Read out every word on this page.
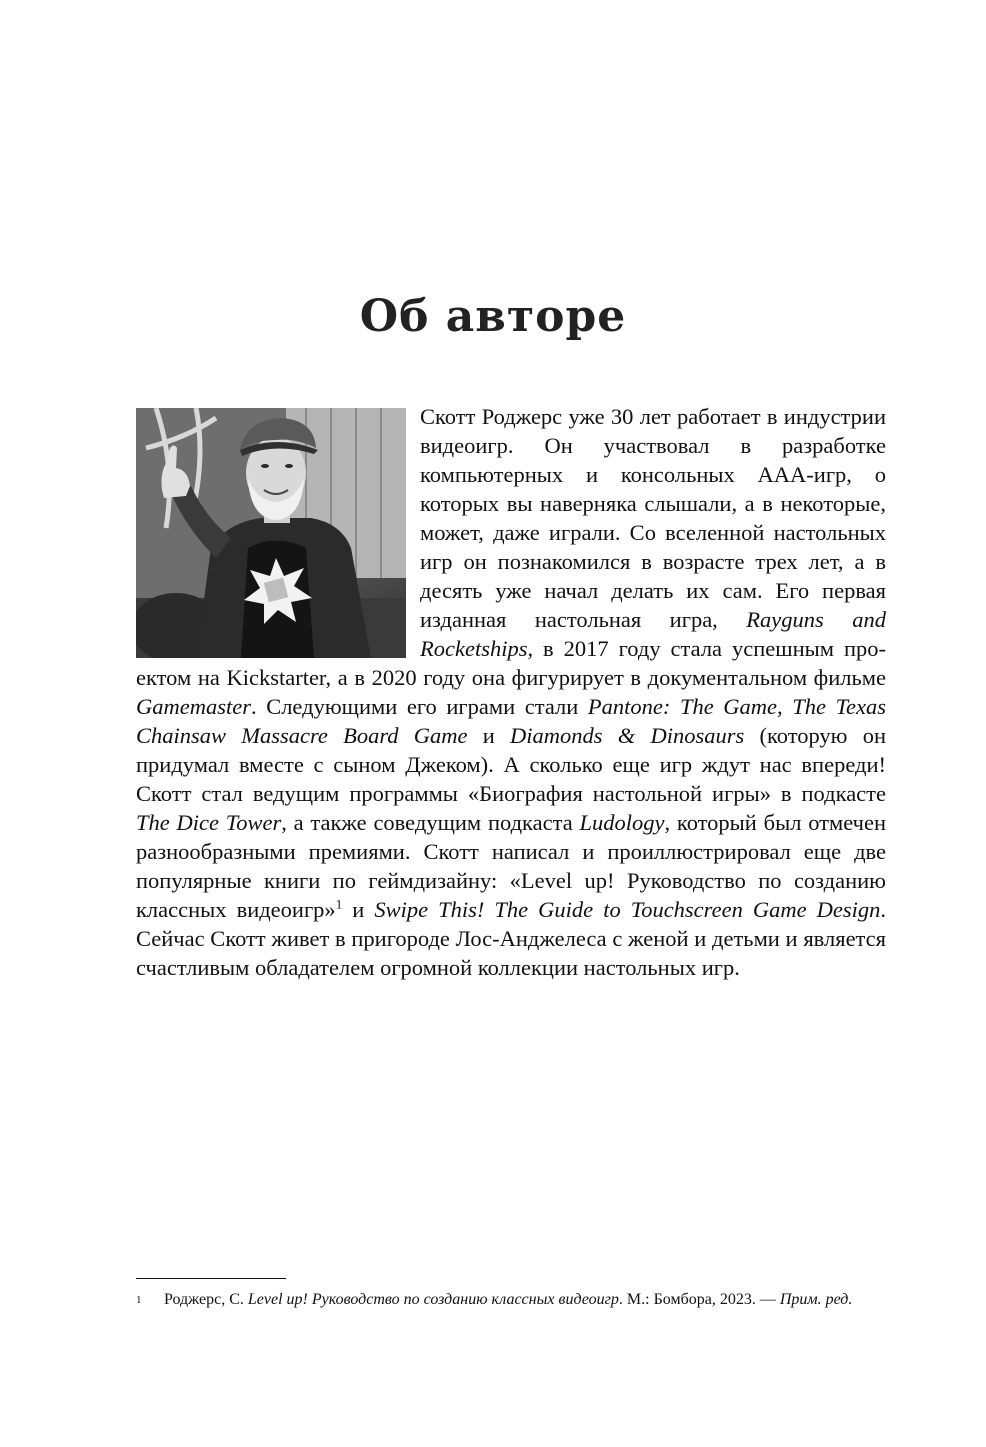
Об авторе
Скотт Роджерс уже 30 лет работает в индустрии видеоигр. Он участвовал в разработке компьютерных и консольных AAA-игр, о которых вы наверняка слышали, а в некоторые, может, даже играли. Со вселенной настольных игр он познакомился в возрасте трех лет, а в десять уже начал делать их сам. Его первая изданная настольная игра, Rayguns and Rocketships, в 2017 году стала успешным проектом на Kickstarter, а в 2020 году она фигурирует в документальном фильме Gamemaster. Следующими его играми стали Pantone: The Game, The Texas Chainsaw Massacre Board Game и Diamonds & Dinosaurs (которую он придумал вместе с сыном Джеком). А сколько еще игр ждут нас впереди! Скотт стал ведущим программы «Биография настольной игры» в подкасте The Dice Tower, а также соведущим подкаста Ludology, который был отмечен разнообразными премиями. Скотт написал и проиллюстрировал еще две популярные книги по геймдизайну: «Level up! Руководство по созданию классных видеоигр»$^1$ и Swipe This! The Guide to Touchscreen Game Design. Сейчас Скотт живет в пригороде Лос-Анджелеса с женой и детьми и является счастливым обладателем огромной коллекции настольных игр.
1 Роджерс, С. Level up! Руководство по созданию классных видеоигр. М.: Бомбора, 2023. — Прим. ред.
